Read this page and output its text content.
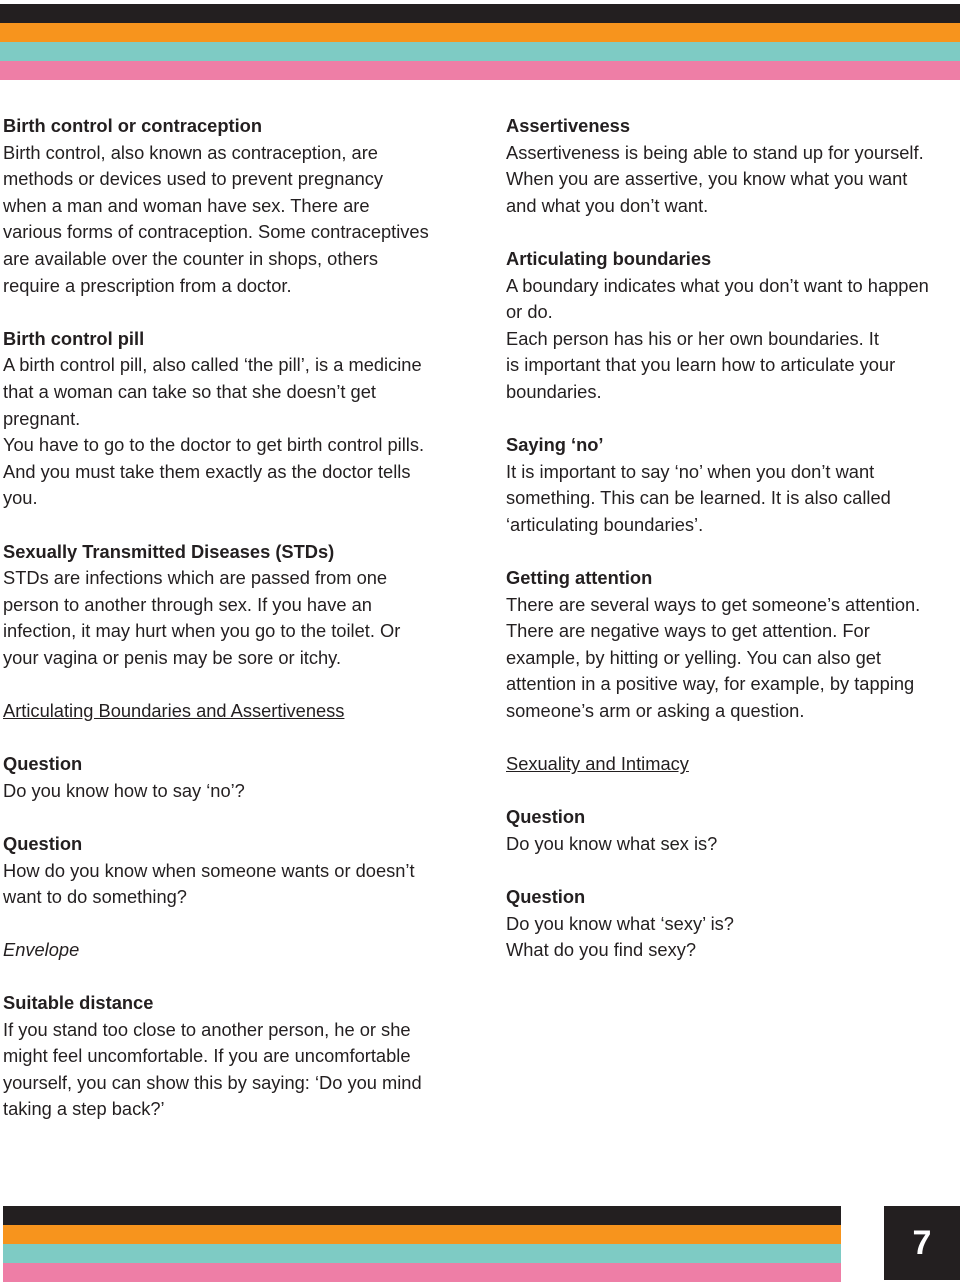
Birth control or contraception

Birth control, also known as contraception, are

methods or devices used to prevent pregnancy

when a man and woman have sex. There are

various forms of contraception. Some contraceptives

are available over the counter in shops, others

require a prescription from a doctor.

Birth control pill

A birth control pill, also called ‘the pill’, is a medicine

that a woman can take so that she doesn’t get

pregnant.

You have to go to the doctor to get birth control pills.

And you must take them exactly as the doctor tells

you.

Sexually Transmitted Diseases (STDs)

STDs are infections which are passed from one

person to another through sex. If you have an

infection, it may hurt when you go to the toilet. Or

your vagina or penis may be sore or itchy.

Articulating Boundaries and Assertiveness

Question

Do you know how to say ‘no’?

Question

How do you know when someone wants or doesn’t

want to do something?

Envelope

Suitable distance

If you stand too close to another person, he or she

might feel uncomfortable. If you are uncomfortable

yourself, you can show this by saying: ‘Do you mind

taking a step back?’

Assertiveness

Assertiveness is being able to stand up for yourself.

When you are assertive, you know what you want

and what you don’t want.

Articulating boundaries

A boundary indicates what you don’t want to happen

or do.

Each person has his or her own boundaries. It

is important that you learn how to articulate your

boundaries.

Saying ‘no’

It is important to say ‘no’ when you don’t want

something. This can be learned. It is also called

‘articulating boundaries’.

Getting attention

There are several ways to get someone’s attention.

There are negative ways to get attention. For

example, by hitting or yelling. You can also get

attention in a positive way, for example, by tapping

someone’s arm or asking a question.

Sexuality and Intimacy

Question

Do you know what sex is?

Question

Do you know what ‘sexy’ is?

What do you find sexy?

7
